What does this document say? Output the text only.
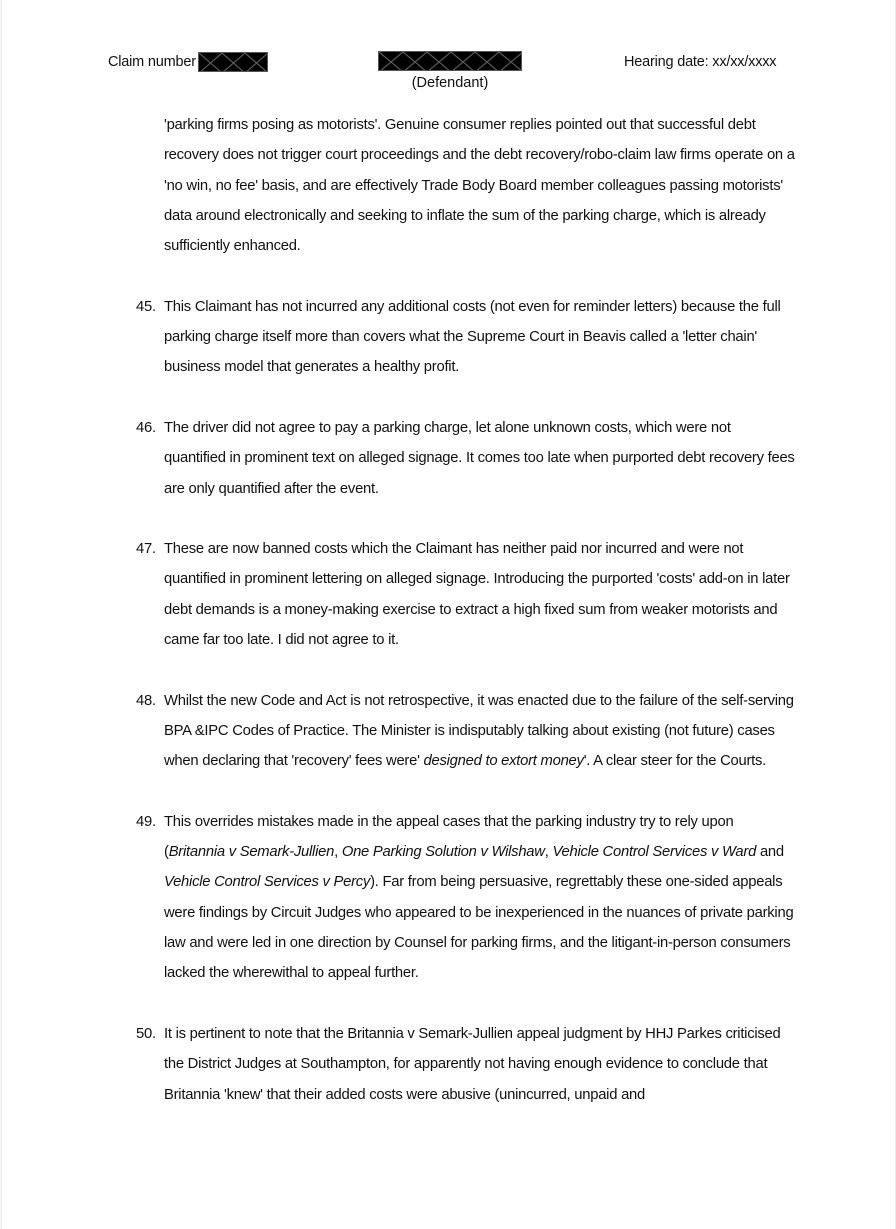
Claim number
(Defendant)
Hearing date: xx/xx/xxxx
'parking firms posing as motorists'. Genuine consumer replies pointed out that successful debt recovery does not trigger court proceedings and the debt recovery/robo-claim law firms operate on a 'no win, no fee' basis, and are effectively Trade Body Board member colleagues passing motorists' data around electronically and seeking to inflate the sum of the parking charge, which is already sufficiently enhanced.
45. This Claimant has not incurred any additional costs (not even for reminder letters) because the full parking charge itself more than covers what the Supreme Court in Beavis called a 'letter chain' business model that generates a healthy profit.
46. The driver did not agree to pay a parking charge, let alone unknown costs, which were not quantified in prominent text on alleged signage. It comes too late when purported debt recovery fees are only quantified after the event.
47. These are now banned costs which the Claimant has neither paid nor incurred and were not quantified in prominent lettering on alleged signage. Introducing the purported 'costs' add-on in later debt demands is a money-making exercise to extract a high fixed sum from weaker motorists and came far too late. I did not agree to it.
48. Whilst the new Code and Act is not retrospective, it was enacted due to the failure of the self-serving BPA &IPC Codes of Practice. The Minister is indisputably talking about existing (not future) cases when declaring that 'recovery' fees were' designed to extort money'. A clear steer for the Courts.
49. This overrides mistakes made in the appeal cases that the parking industry try to rely upon (Britannia v Semark-Jullien, One Parking Solution v Wilshaw, Vehicle Control Services v Ward and Vehicle Control Services v Percy). Far from being persuasive, regrettably these one-sided appeals were findings by Circuit Judges who appeared to be inexperienced in the nuances of private parking law and were led in one direction by Counsel for parking firms, and the litigant-in-person consumers lacked the wherewithal to appeal further.
50. It is pertinent to note that the Britannia v Semark-Jullien appeal judgment by HHJ Parkes criticised the District Judges at Southampton, for apparently not having enough evidence to conclude that Britannia 'knew' that their added costs were abusive (unincurred, unpaid and
